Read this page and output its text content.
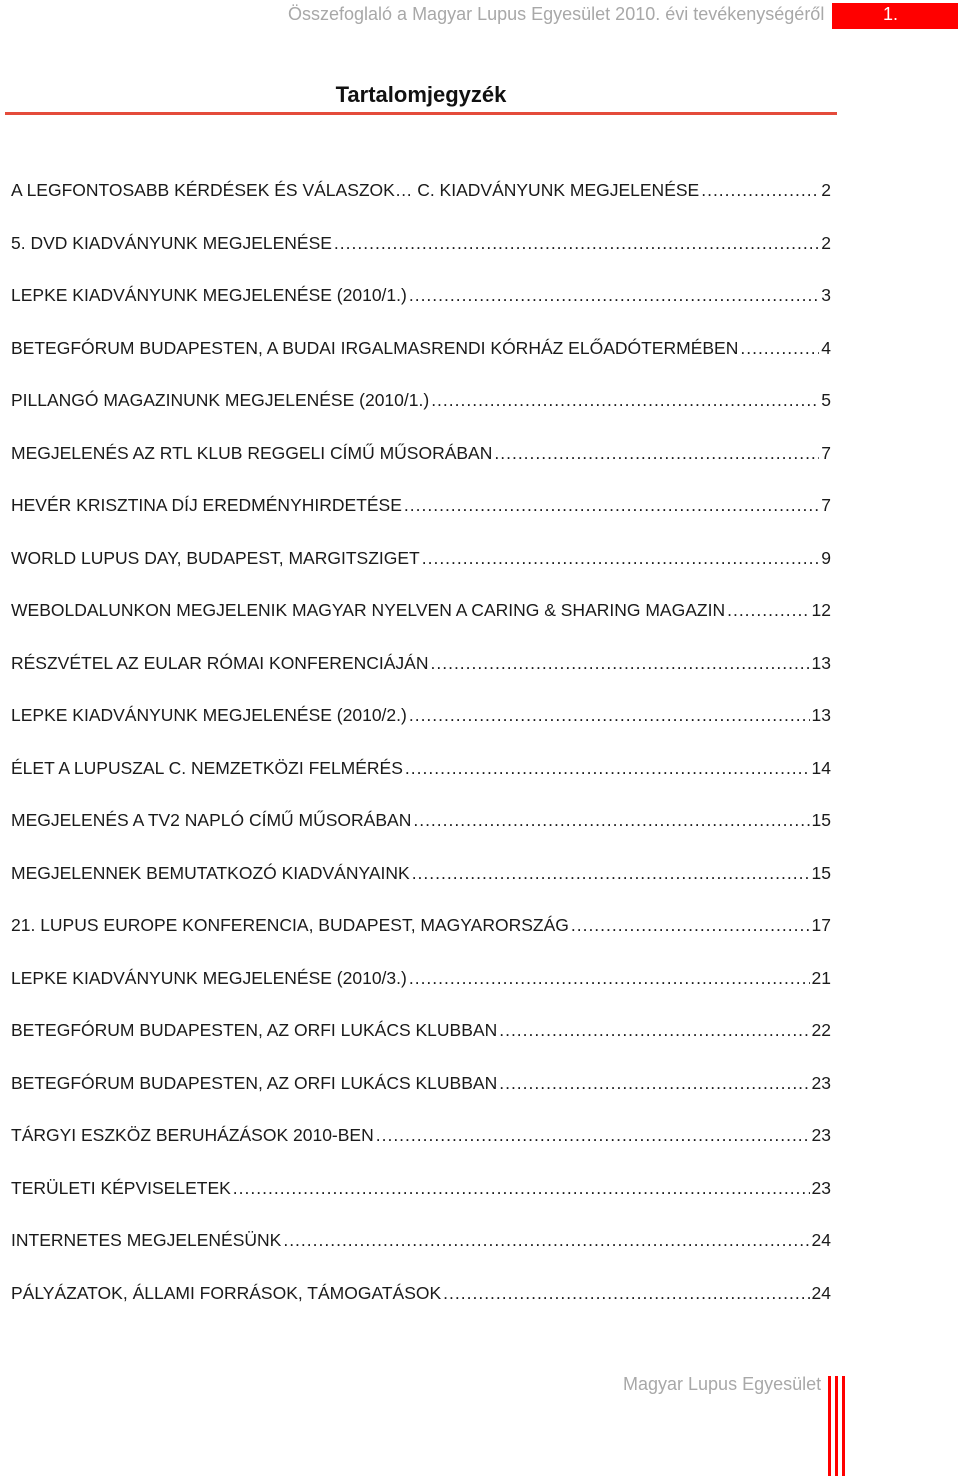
Összefoglaló a Magyar Lupus Egyesület 2010. évi tevékenységéről	1.
Tartalomjegyzék
A LEGFONTOSABB KÉRDÉSEK ÉS VÁLASZOK… C. KIADVÁNYUNK MEGJELENÉSE .....	2
5. DVD KIADVÁNYUNK MEGJELENÉSE .....	2
LEPKE KIADVÁNYUNK MEGJELENÉSE (2010/1.) .....	3
BETEGFÓRUM BUDAPESTEN, A BUDAI IRGALMASRENDI KÓRHÁZ ELŐADÓTERMÉBEN .....	4
PILLANGÓ MAGAZINUNK MEGJELENÉSE (2010/1.) .....	5
MEGJELENÉS AZ RTL KLUB REGGELI CÍMŰ MŰSORÁBAN .....	7
HEVÉR KRISZTINA DÍJ EREDMÉNYHIRDETÉSE .....	7
WORLD LUPUS DAY, BUDAPEST, MARGITSZIGET .....	9
WEBOLDALUNKON MEGJELENIK MAGYAR NYELVEN A CARING & SHARING MAGAZIN .....	12
RÉSZVÉTEL AZ EULAR RÓMAI KONFERENCIÁJÁN .....	13
LEPKE KIADVÁNYUNK MEGJELENÉSE (2010/2.) .....	13
ÉLET A LUPUSZAL C. NEMZETKÖZI FELMÉRÉS .....	14
MEGJELENÉS A TV2 NAPLÓ CÍMŰ MŰSORÁBAN .....	15
MEGJELENNEK BEMUTATKOZÓ KIADVÁNYAINK .....	15
21. LUPUS EUROPE KONFERENCIA, BUDAPEST, MAGYARORSZÁG .....	17
LEPKE KIADVÁNYUNK MEGJELENÉSE (2010/3.) .....	21
BETEGFÓRUM BUDAPESTEN, AZ ORFI LUKÁCS KLUBBAN .....	22
BETEGFÓRUM BUDAPESTEN, AZ ORFI LUKÁCS KLUBBAN .....	23
TÁRGYI ESZKÖZ BERUHÁZÁSOK 2010-BEN .....	23
TERÜLETI KÉPVISELETEK .....	23
INTERNETES MEGJELENÉSÜNK .....	24
PÁLYÁZATOK, ÁLLAMI FORRÁSOK, TÁMOGATÁSOK .....	24
Magyar Lupus Egyesület
